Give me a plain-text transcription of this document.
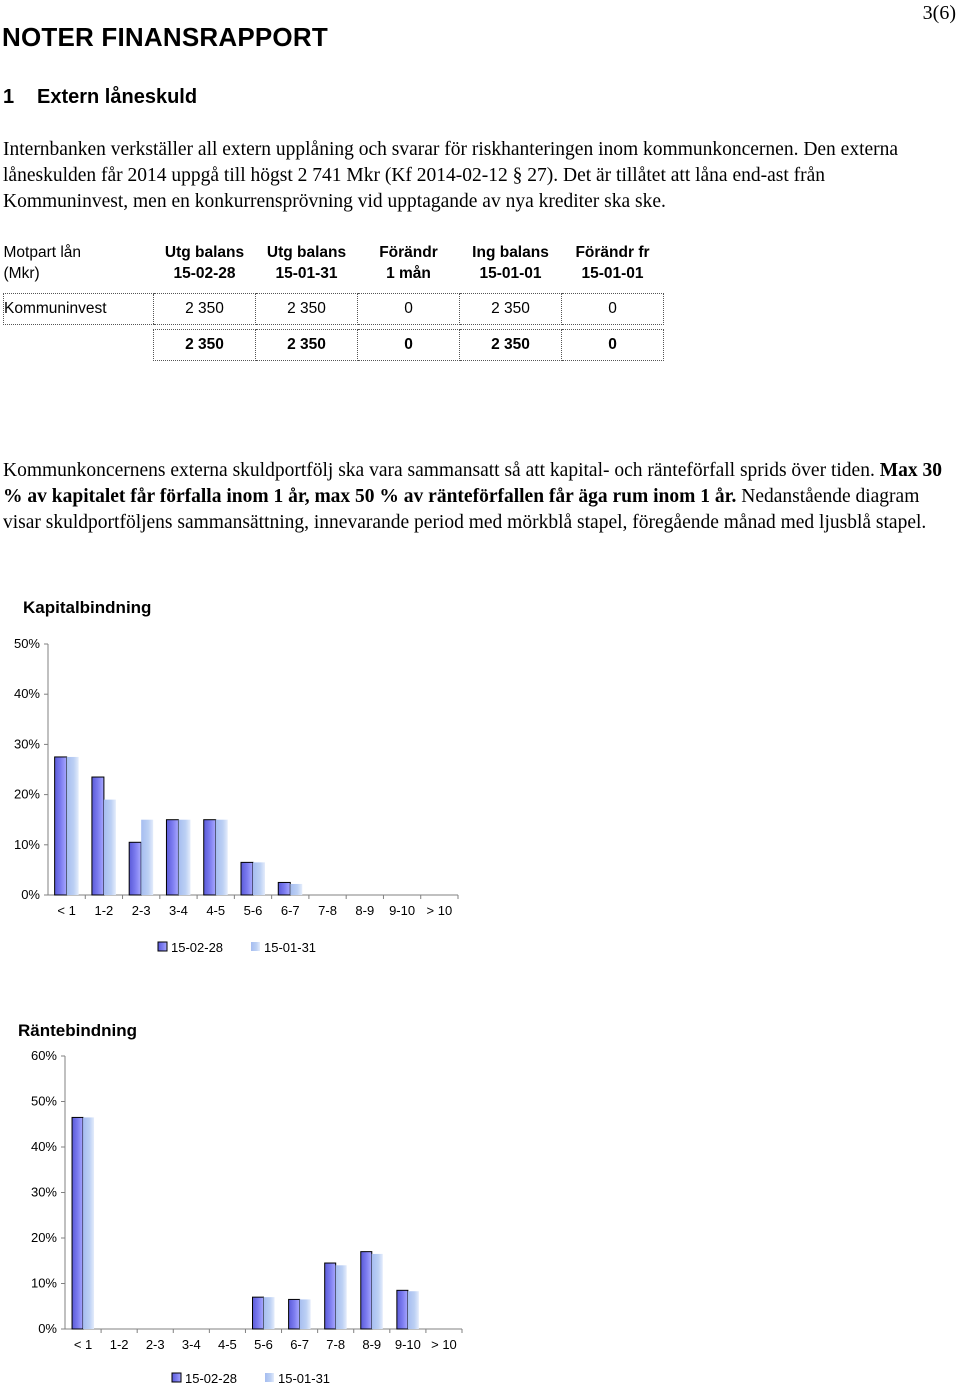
3(6)
NOTER FINANSRAPPORT
1 Extern låneskuld

Internbanken verkställer all extern upplåning och svarar för riskhanteringen inom kommunkoncernen. Den externa låneskulden får 2014 uppgå till högst 2 741 Mkr (Kf 2014-02-12 § 27). Det är tillåtet att låna end-ast från Kommuninvest, men en konkurrensprövning vid upptagande av nya krediter ska ske.

Motpart lån	Utg balans	Utg balans	Förändr	Ing balans	Förändr fr
(Mkr)	15-02-28	15-01-31	1 mån	15-01-01	15-01-01
Kommuninvest	2 350	2 350	0	2 350	0

	2 350	2 350	0	2 350	0

Kommunkoncernens externa skuldportfölj ska vara sammansatt så att kapital- och ränteförfall sprids över tiden. Max 30 % av kapitalet får förfalla inom 1 år, max 50 % av ränteförfallen får äga rum inom 1 år. Nedanstående diagram visar skuldportföljens sammansättning, innevarande period med mörkblå stapel, föregående månad med ljusblå stapel.

Kapitalbindning
0%
10%
20%
30%
40%
50%
< 1 1-2 2-3 3-4 4-5 5-6 6-7 7-8 8-9 9-10 > 10
15-02-28	15-01-31
Räntebindning
0%
10%
20%
30%
40%
50%
60%
< 1 1-2 2-3 3-4 4-5 5-6 6-7 7-8 8-9 9-10 > 10
15-02-28	15-01-31
